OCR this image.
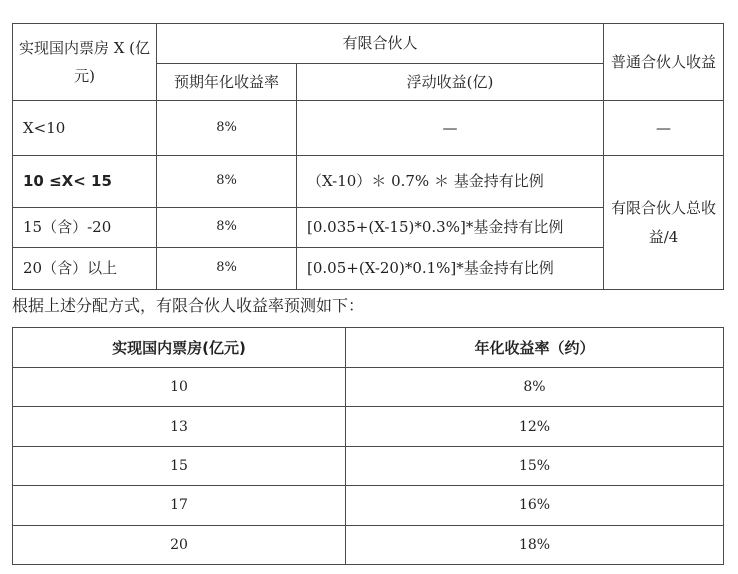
实现国内票房 X (亿元)	有限合伙人		普通合伙人收益
	预期年化收益率	浮动收益(亿)	
X<10	8%	—	—
10 ≤X< 15	8%	（X-10）＊ 0.7% ＊ 基金持有比例	有限合伙人总收益/4
15（含）-20	8%	[0.035+(X-15)*0.3%]*基金持有比例	
20（含）以上	8%	[0.05+(X-20)*0.1%]*基金持有比例	
根据上述分配方式，有限合伙人收益率预测如下：
实现国内票房(亿元)	年化收益率（约）
10	8%
13	12%
15	15%
17	16%
20	18%
